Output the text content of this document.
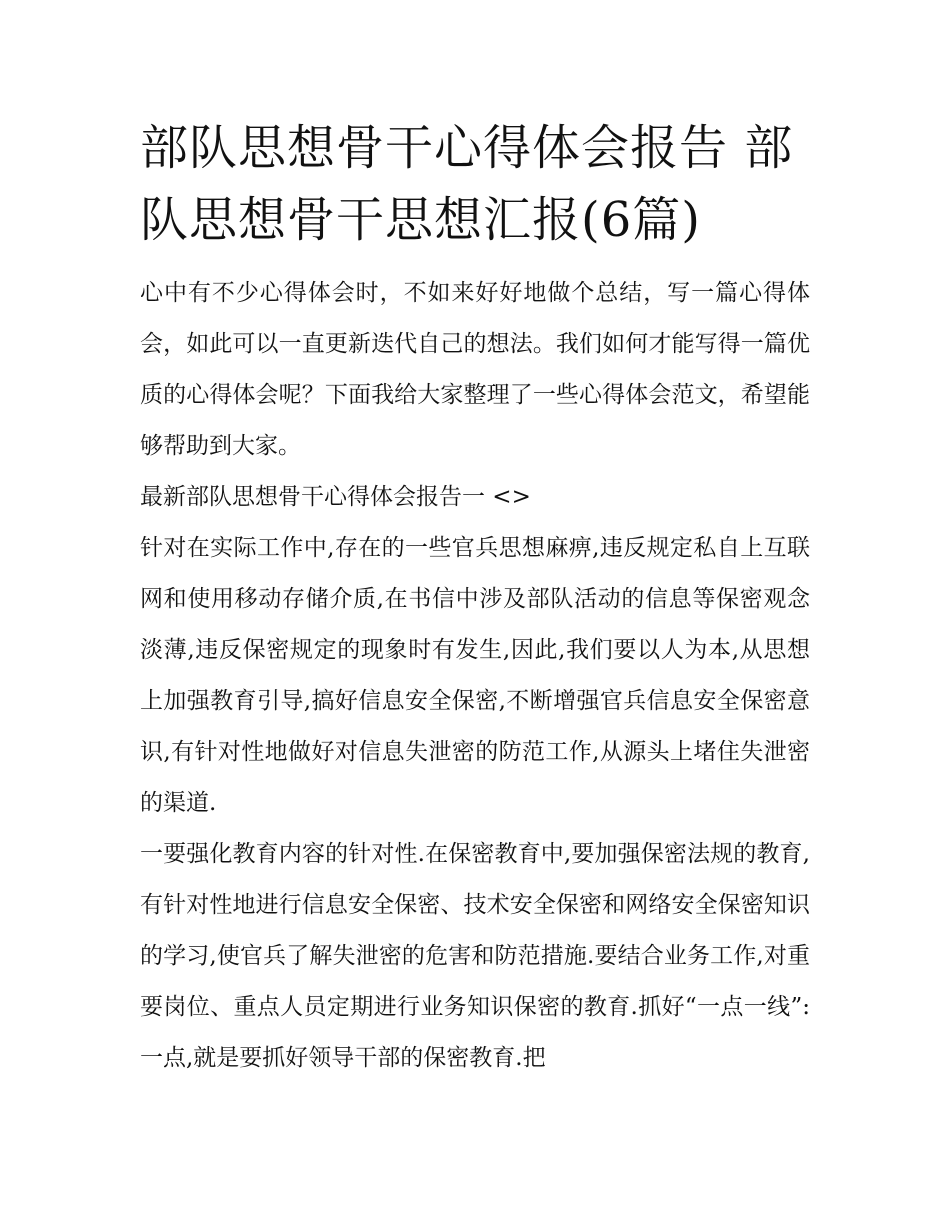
部队思想骨干心得体会报告 部队思想骨干思想汇报(6篇)

心中有不少心得体会时，不如来好好地做个总结，写一篇心得体会，如此可以一直更新迭代自己的想法。我们如何才能写得一篇优质的心得体会呢？下面我给大家整理了一些心得体会范文，希望能够帮助到大家。

最新部队思想骨干心得体会报告一 <>

针对在实际工作中,存在的一些官兵思想麻痹,违反规定私自上互联网和使用移动存储介质,在书信中涉及部队活动的信息等保密观念淡薄,违反保密规定的现象时有发生,因此,我们要以人为本,从思想上加强教育引导,搞好信息安全保密,不断增强官兵信息安全保密意识,有针对性地做好对信息失泄密的防范工作,从源头上堵住失泄密的渠道.

一要强化教育内容的针对性.在保密教育中,要加强保密法规的教育,有针对性地进行信息安全保密、技术安全保密和网络安全保密知识的学习,使官兵了解失泄密的危害和防范措施.要结合业务工作,对重要岗位、重点人员定期进行业务知识保密的教育.抓好“一点一线”:一点,就是要抓好领导干部的保密教育.把
